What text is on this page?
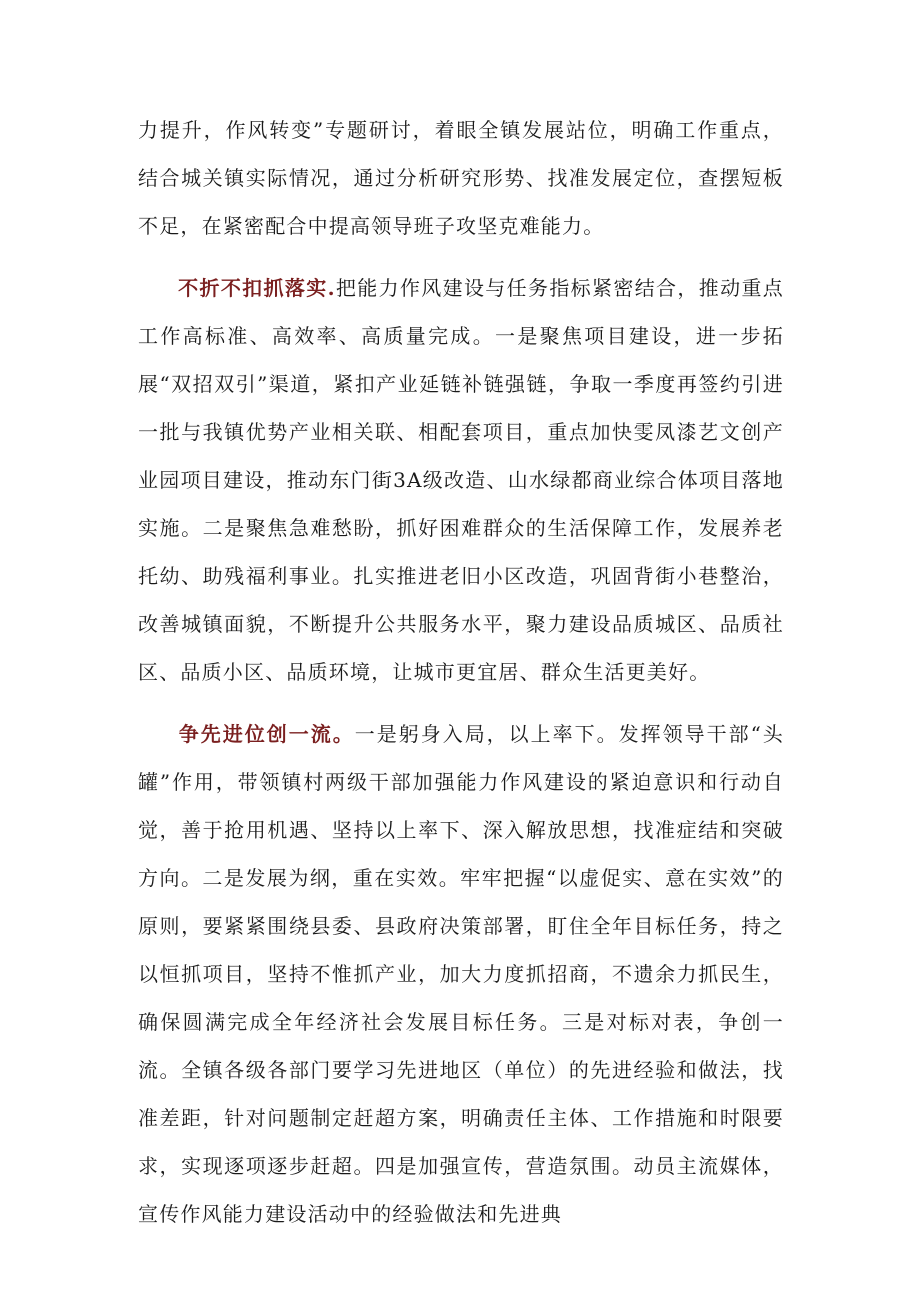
力提升，作风转变”专题研讨，着眼全镇发展站位，明确工作重点，结合城关镇实际情况，通过分析研究形势、找准发展定位，查摆短板不足，在紧密配合中提高领导班子攻坚克难能力。

不折不扣抓落实.把能力作风建设与任务指标紧密结合，推动重点工作高标准、高效率、高质量完成。一是聚焦项目建设，进一步拓展“双招双引”渠道，紧扣产业延链补链强链，争取一季度再签约引进一批与我镇优势产业相关联、相配套项目，重点加快雯凤漆艺文创产业园项目建设，推动东门街3A级改造、山水绿都商业综合体项目落地实施。二是聚焦急难愁盼，抓好困难群众的生活保障工作，发展养老托幼、助残福利事业。扎实推进老旧小区改造，巩固背街小巷整治，改善城镇面貌，不断提升公共服务水平，聚力建设品质城区、品质社区、品质小区、品质环境，让城市更宜居、群众生活更美好。

争先进位创一流。一是躬身入局，以上率下。发挥领导干部“头罐”作用，带领镇村两级干部加强能力作风建设的紧迫意识和行动自觉，善于抢用机遇、坚持以上率下、深入解放思想，找准症结和突破方向。二是发展为纲，重在实效。牢牢把握“以虚促实、意在实效”的原则，要紧紧围绕县委、县政府决策部署，盯住全年目标任务，持之以恒抓项目，坚持不惟抓产业，加大力度抓招商，不遗余力抓民生，确保圆满完成全年经济社会发展目标任务。三是对标对表，争创一流。全镇各级各部门要学习先进地区（单位）的先进经验和做法，找准差距，针对问题制定赶超方案，明确责任主体、工作措施和时限要求，实现逐项逐步赶超。四是加强宣传，营造氛围。动员主流媒体，宣传作风能力建设活动中的经验做法和先进典
